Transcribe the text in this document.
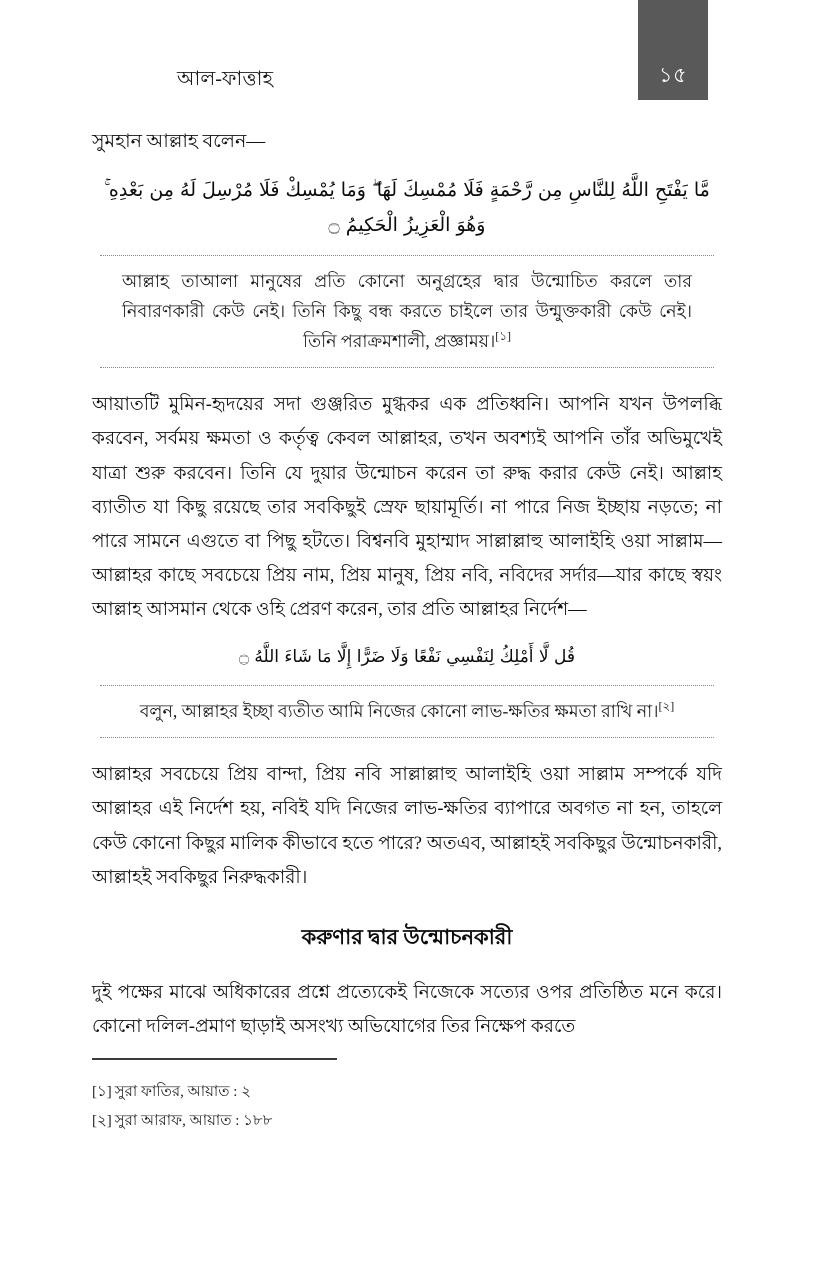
১৫
আল-ফাত্তাহ

সুমহান আল্লাহ বলেন—

مَّا يَفْتَحِ اللَّهُ لِلنَّاسِ مِن رَّحْمَةٍ فَلَا مُمْسِكَ لَهَا ۖ وَمَا يُمْسِكْ فَلَا مُرْسِلَ لَهُ مِن بَعْدِهِ ۚ وَهُوَ الْعَزِيزُ الْحَكِيمُ ۝
আল্লাহ তাআলা মানুষের প্রতি কোনো অনুগ্রহের দ্বার উন্মোচিত করলে তার নিবারণকারী কেউ নেই। তিনি কিছু বন্ধ করতে চাইলে তার উন্মুক্তকারী কেউ নেই। তিনি পরাক্রমশালী, প্রজ্ঞাময়।[১]

আয়াতটি মুমিন-হৃদয়ের সদা গুঞ্জরিত মুগ্ধকর এক প্রতিধ্বনি। আপনি যখন উপলব্ধি করবেন, সর্বময় ক্ষমতা ও কর্তৃত্ব কেবল আল্লাহর, তখন অবশ্যই আপনি তাঁর অভিমুখেই যাত্রা শুরু করবেন। তিনি যে দুয়ার উন্মোচন করেন তা রুদ্ধ করার কেউ নেই। আল্লাহ ব্যাতীত যা কিছু রয়েছে তার সবকিছুই স্রেফ ছায়ামূর্তি। না পারে নিজ ইচ্ছায় নড়তে; না পারে সামনে এগুতে বা পিছু হটতে। বিশ্বনবি মুহাম্মাদ সাল্লাল্লাহু আলাইহি ওয়া সাল্লাম—আল্লাহর কাছে সবচেয়ে প্রিয় নাম, প্রিয় মানুষ, প্রিয় নবি, নবিদের সর্দার—যার কাছে স্বয়ং আল্লাহ আসমান থেকে ওহি প্রেরণ করেন, তার প্রতি আল্লাহর নির্দেশ—

قُل لَّا أَمْلِكُ لِنَفْسِي نَفْعًا وَلَا ضَرًّا إِلَّا مَا شَاءَ اللَّهُ ۝
বলুন, আল্লাহর ইচ্ছা ব্যতীত আমি নিজের কোনো লাভ-ক্ষতির ক্ষমতা রাখি না।[২]

আল্লাহর সবচেয়ে প্রিয় বান্দা, প্রিয় নবি সাল্লাল্লাহু আলাইহি ওয়া সাল্লাম সম্পর্কে যদি আল্লাহর এই নির্দেশ হয়, নবিই যদি নিজের লাভ-ক্ষতির ব্যাপারে অবগত না হন, তাহলে কেউ কোনো কিছুর মালিক কীভাবে হতে পারে? অতএব, আল্লাহই সবকিছুর উন্মোচনকারী, আল্লাহই সবকিছুর নিরুদ্ধকারী।

করুণার দ্বার উন্মোচনকারী

দুই পক্ষের মাঝে অধিকারের প্রশ্নে প্রত্যেকেই নিজেকে সত্যের ওপর প্রতিষ্ঠিত মনে করে। কোনো দলিল-প্রমাণ ছাড়াই অসংখ্য অভিযোগের তির নিক্ষেপ করতে

[১] সুরা ফাতির, আয়াত : ২
[২] সুরা আরাফ, আয়াত : ১৮৮
